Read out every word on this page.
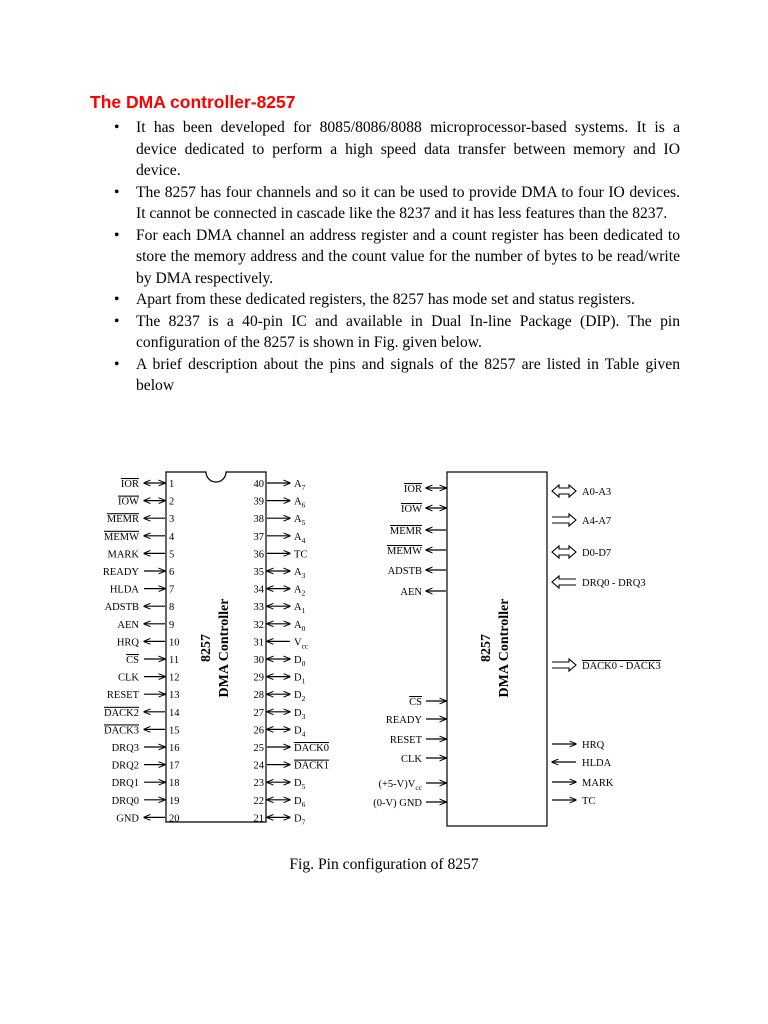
The DMA controller-8257
• It has been developed for 8085/8086/8088 microprocessor-based systems. It is a device dedicated to perform a high speed data transfer between memory and IO device.
• The 8257 has four channels and so it can be used to provide DMA to four IO devices. It cannot be connected in cascade like the 8237 and it has less features than the 8237.
• For each DMA channel an address register and a count register has been dedicated to store the memory address and the count value for the number of bytes to be read/write by DMA respectively.
• Apart from these dedicated registers, the 8257 has mode set and status registers.
• The 8237 is a 40-pin IC and available in Dual In-line Package (DIP). The pin configuration of the 8257 is shown in Fig. given below.
• A brief description about the pins and signals of the 8257 are listed in Table given below
8257 DMA Controller
IOR	1
IOW	2
MEMR	3
MEMW	4
MARK	5
READY	6
HLDA	7
ADSTB	8
AEN	9
HRQ	10
CS	11
CLK	12
RESET	13
DACK2	14
DACK3	15
DRQ3	16
DRQ2	17
DRQ1	18
DRQ0	19
GND	20
40	$A_7$
39	$A_6$
38	$A_5$
37	$A_4$
36	TC
35	$A_3$
34	$A_2$
33	$A_1$
32	$A_0$
31	$V_{cc}$
30	$D_0$
29	$D_1$
28	$D_2$
27	$D_3$
26	$D_4$
25	DACK0
24	DACK1
23	$D_5$
22	$D_6$
21	$D_7$
8257 DMA Controller
IOR
IOW
MEMR
MEMW
ADSTB
AEN
CS
READY
RESET
CLK
$(+5-V)V_{cc}$
(0-V) GND
A0-A3
A4-A7
D0-D7
DRQ0 - DRQ3
DACK0 - DACK3
HRQ
HLDA
MARK
TC
Fig. Pin configuration of 8257
